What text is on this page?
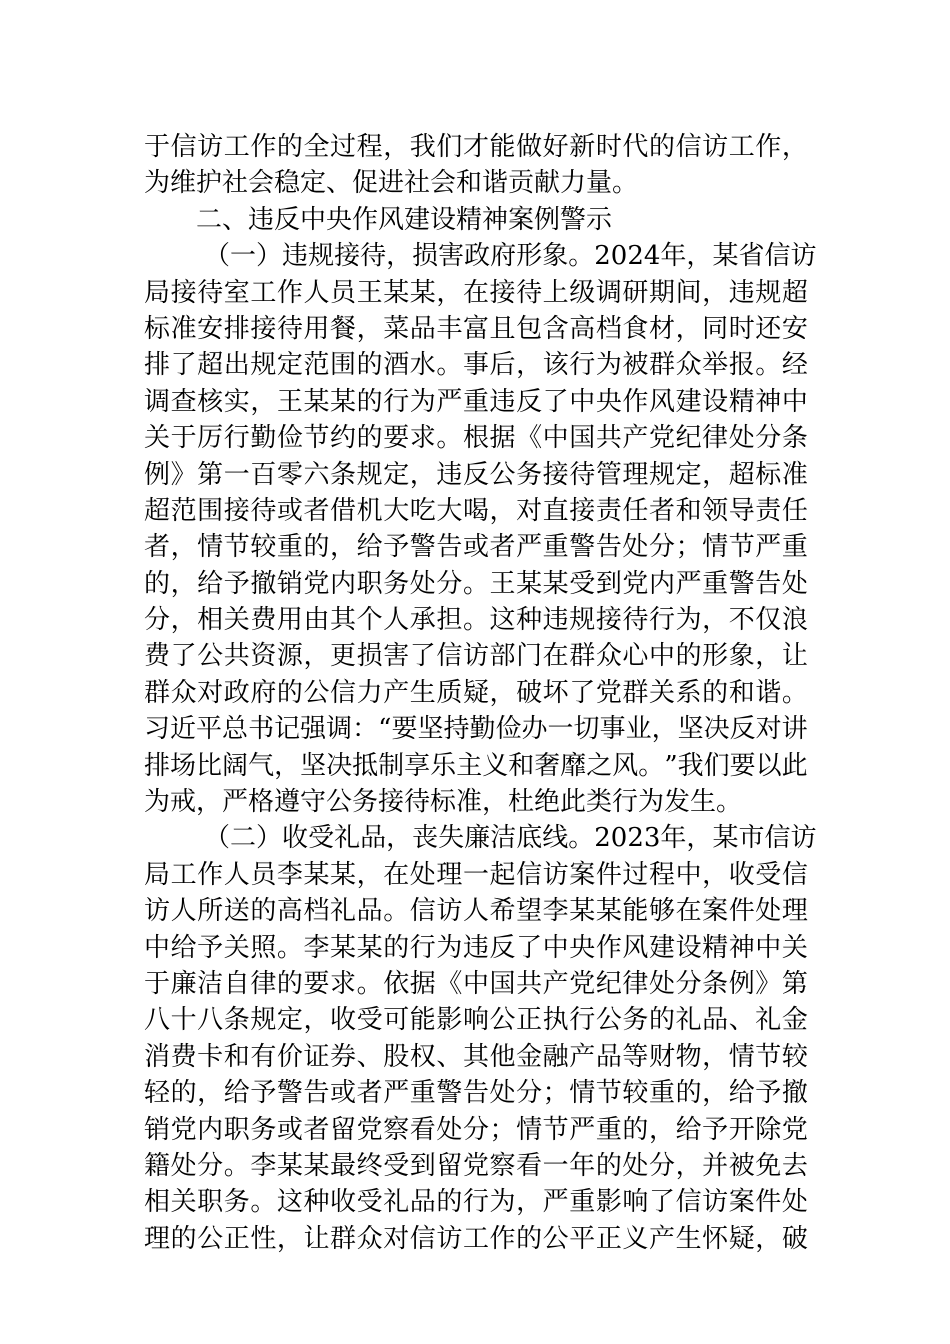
于 信 访 工 作 的 全 过 程 ， 我 们 才 能 做 好 新 时 代 的 信 访 工 作 ，
为维护社会稳定、促进社会和谐贡献力量。
二、违反中央作风建设精神案例警示
（ 一 ） 违 规 接 待 ， 损 害 政 府 形 象 。 2024 年 ， 某 省 信 访
局 接 待 室 工 作 人 员 王 某 某 ， 在 接 待 上 级 调 研 期 间 ， 违 规 超
标 准 安 排 接 待 用 餐 ， 菜 品 丰 富 且 包 含 高 档 食 材 ， 同 时 还 安
排 了 超 出 规 定 范 围 的 酒 水 。 事 后 ， 该 行 为 被 群 众 举 报 。 经
调 查 核 实 ， 王 某 某 的 行 为 严 重 违 反 了 中 央 作 风 建 设 精 神 中
关 于 厉 行 勤 俭 节 约 的 要 求 。 根 据 《 中 国 共 产 党 纪 律 处 分 条
例 》 第 一 百 零 六 条 规 定 ， 违 反 公 务 接 待 管 理 规 定 ， 超 标 准
超 范 围 接 待 或 者 借 机 大 吃 大 喝 ， 对 直 接 责 任 者 和 领 导 责 任
者 ， 情 节 较 重 的 ， 给 予 警 告 或 者 严 重 警 告 处 分 ； 情 节 严 重
的 ， 给 予 撤 销 党 内 职 务 处 分 。 王 某 某 受 到 党 内 严 重 警 告 处
分 ， 相 关 费 用 由 其 个 人 承 担 。 这 种 违 规 接 待 行 为 ， 不 仅 浪
费 了 公 共 资 源 ， 更 损 害 了 信 访 部 门 在 群 众 心 中 的 形 象 ， 让
群 众 对 政 府 的 公 信 力 产 生 质 疑 ， 破 坏 了 党 群 关 系 的 和 谐 。
习 近 平 总 书 记 强 调 ： “ 要 坚 持 勤 俭 办 一 切 事 业 ， 坚 决 反 对 讲
排 场 比 阔 气 ， 坚 决 抵 制 享 乐 主 义 和 奢 靡 之 风 。 ” 我 们 要 以 此
为戒，严格遵守公务接待标准，杜绝此类行为发生。
（ 二 ） 收 受 礼 品 ， 丧 失 廉 洁 底 线 。 2023 年 ， 某 市 信 访
局 工 作 人 员 李 某 某 ， 在 处 理 一 起 信 访 案 件 过 程 中 ， 收 受 信
访 人 所 送 的 高 档 礼 品 。 信 访 人 希 望 李 某 某 能 够 在 案 件 处 理
中 给 予 关 照 。 李 某 某 的 行 为 违 反 了 中 央 作 风 建 设 精 神 中 关
于 廉 洁 自 律 的 要 求 。 依 据 《 中 国 共 产 党 纪 律 处 分 条 例 》 第
八 十 八 条 规 定 ， 收 受 可 能 影 响 公 正 执 行 公 务 的 礼 品 、 礼 金
消 费 卡 和 有 价 证 券 、 股 权 、 其 他 金 融 产 品 等 财 物 ， 情 节 较
轻 的 ， 给 予 警 告 或 者 严 重 警 告 处 分 ； 情 节 较 重 的 ， 给 予 撤
销 党 内 职 务 或 者 留 党 察 看 处 分 ； 情 节 严 重 的 ， 给 予 开 除 党
籍 处 分 。 李 某 某 最 终 受 到 留 党 察 看 一 年 的 处 分 ， 并 被 免 去
相 关 职 务 。 这 种 收 受 礼 品 的 行 为 ， 严 重 影 响 了 信 访 案 件 处
理 的 公 正 性 ， 让 群 众 对 信 访 工 作 的 公 平 正 义 产 生 怀 疑 ， 破
